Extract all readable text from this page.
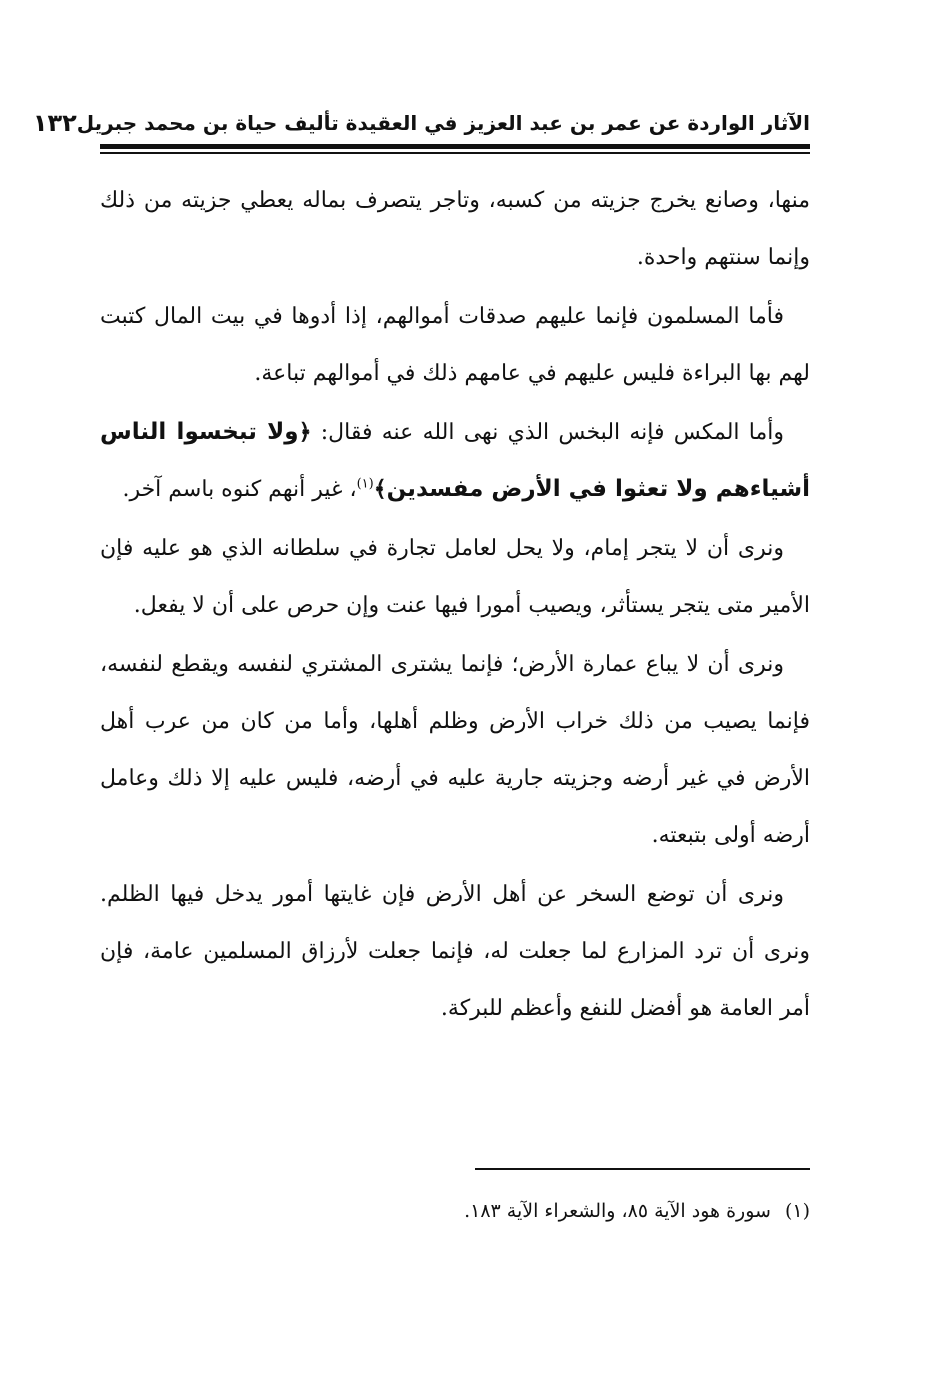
الآثار الواردة عن عمر بن عبد العزيز في العقيدة تأليف حياة بن محمد جبريل
١٣٢

منها، وصانع يخرج جزيته من كسبه، وتاجر يتصرف بماله يعطي جزيته من ذلك وإنما سنتهم واحدة.

فأما المسلمون فإنما عليهم صدقات أموالهم، إذا أدوها في بيت المال كتبت لهم بها البراءة فليس عليهم في عامهم ذلك في أموالهم تباعة.

وأما المكس فإنه البخس الذي نهى الله عنه فقال: ﴿ولا تبخسوا الناس أشياءهم ولا تعثوا في الأرض مفسدين﴾$^{(١)}$، غير أنهم كنوه باسم آخر.

ونرى أن لا يتجر إمام، ولا يحل لعامل تجارة في سلطانه الذي هو عليه فإن الأمير متى يتجر يستأثر، ويصيب أمورا فيها عنت وإن حرص على أن لا يفعل.

ونرى أن لا يباع عمارة الأرض؛ فإنما يشترى المشتري لنفسه ويقطع لنفسه، فإنما يصيب من ذلك خراب الأرض وظلم أهلها، وأما من كان من عرب أهل الأرض في غير أرضه وجزيته جارية عليه في أرضه، فليس عليه إلا ذلك وعامل أرضه أولى بتبعته.

ونرى أن توضع السخر عن أهل الأرض فإن غايتها أمور يدخل فيها الظلم. ونرى أن ترد المزارع لما جعلت له، فإنما جعلت لأرزاق المسلمين عامة، فإن أمر العامة هو أفضل للنفع وأعظم للبركة.

(١)سورة هود الآية ٨٥، والشعراء الآية ١٨٣.
